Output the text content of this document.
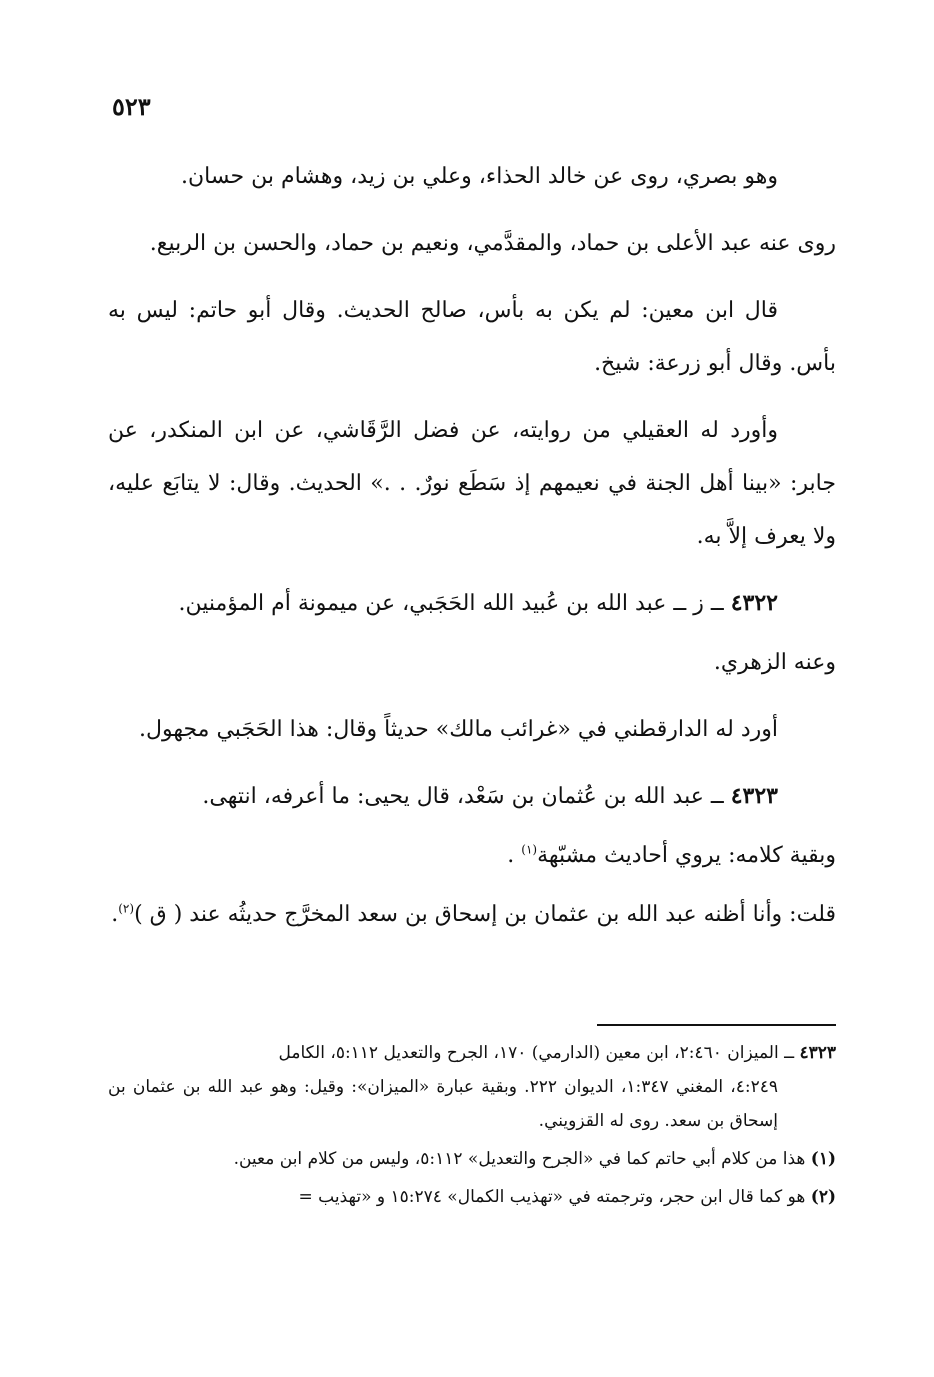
٥٢٣

وهو بصري، روى عن خالد الحذاء، وعلي بن زيد، وهشام بن حسان.

روى عنه عبد الأعلى بن حماد، والمقدَّمي، ونعيم بن حماد، والحسن بن الربيع.

قال ابن معين: لم يكن به بأس، صالح الحديث. وقال أبو حاتم: ليس به بأس. وقال أبو زرعة: شيخ.

وأورد له العقيلي من روايته، عن فضل الرَّقَاشي، عن ابن المنكدر، عن جابر: «بينا أهل الجنة في نعيمهم إذ سَطَع نورٌ. . .» الحديث. وقال: لا يتابَع عليه، ولا يعرف إلاَّ به.

٤٣٢٢ ــ ز ــ عبد الله بن عُبيد الله الحَجَبي، عن ميمونة أم المؤمنين.

وعنه الزهري.

أورد له الدارقطني في «غرائب مالك» حديثاً وقال: هذا الحَجَبي مجهول.

٤٣٢٣ ــ عبد الله بن عُثمان بن سَعْد، قال يحيى: ما أعرفه، انتهى.

وبقية كلامه: يروي أحاديث مشبّهة$^{(١)}$ .

قلت: وأنا أظنه عبد الله بن عثمان بن إسحاق بن سعد المخرَّج حديثُه عند ( ق )$^{(٢)}$.

٤٣٢٣ ــ الميزان ٢:٤٦٠، ابن معين (الدارمي) ١٧٠، الجرح والتعديل ٥:١١٢، الكامل
٤:٢٤٩، المغني ١:٣٤٧، الديوان ٢٢٢. وبقية عبارة «الميزان»: وقيل: وهو عبد الله بن عثمان بن إسحاق بن سعد. روى له القزويني.
(١) هذا من كلام أبي حاتم كما في «الجرح والتعديل» ٥:١١٢، وليس من كلام ابن معين.
(٢) هو كما قال ابن حجر، وترجمته في «تهذيب الكمال» ١٥:٢٧٤ و «تهذيب =
